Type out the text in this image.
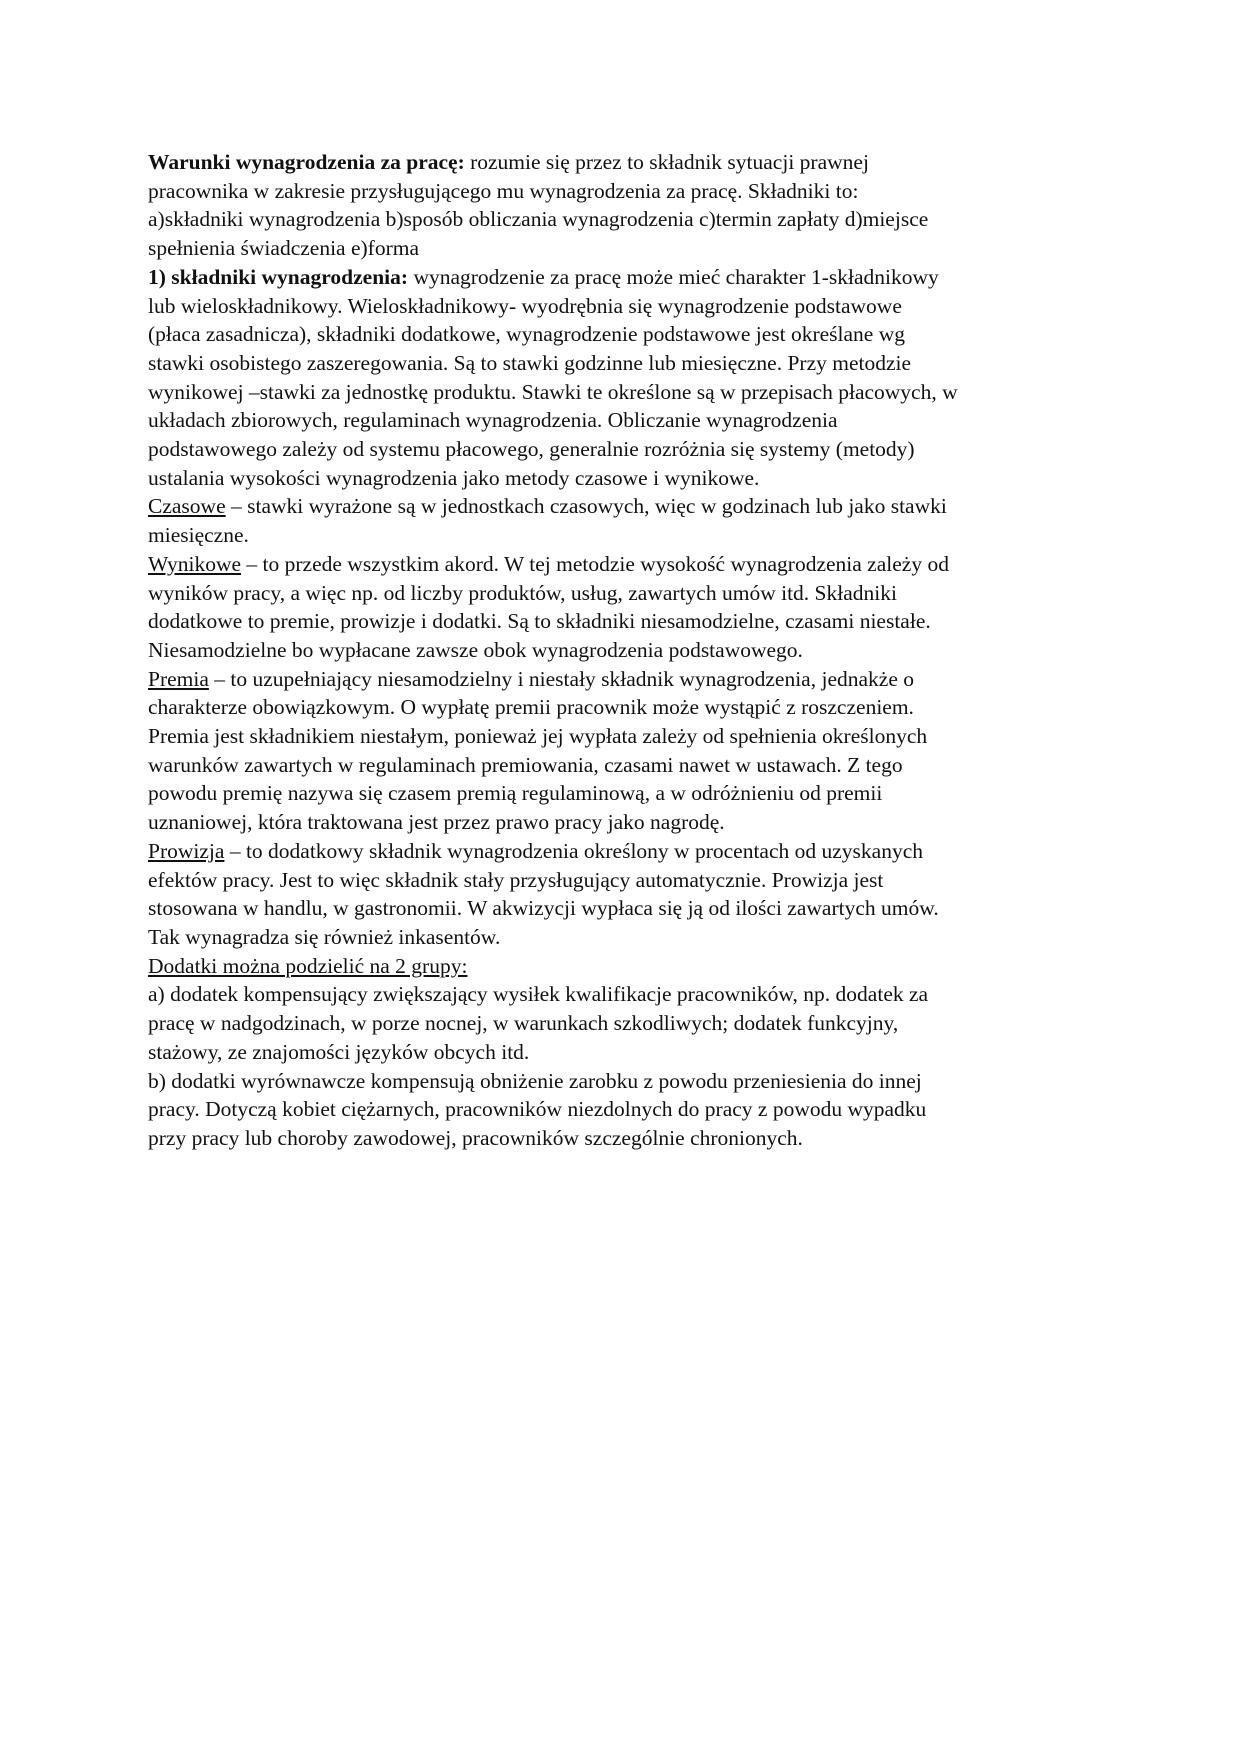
Warunki wynagrodzenia za pracę: rozumie się przez to składnik sytuacji prawnej
pracownika w zakresie przysługującego mu wynagrodzenia za pracę. Składniki to:
a)składniki wynagrodzenia b)sposób obliczania wynagrodzenia c)termin zapłaty d)miejsce
spełnienia świadczenia e)forma
1) składniki wynagrodzenia: wynagrodzenie za pracę może mieć charakter 1-składnikowy
lub wieloskładnikowy. Wieloskładnikowy- wyodrębnia się wynagrodzenie podstawowe
(płaca zasadnicza), składniki dodatkowe, wynagrodzenie podstawowe jest określane wg
stawki osobistego zaszeregowania. Są to stawki godzinne lub miesięczne. Przy metodzie
wynikowej –stawki za jednostkę produktu. Stawki te określone są w przepisach płacowych, w
układach zbiorowych, regulaminach wynagrodzenia. Obliczanie wynagrodzenia
podstawowego zależy od systemu płacowego, generalnie rozróżnia się systemy (metody)
ustalania wysokości wynagrodzenia jako metody czasowe i wynikowe.
Czasowe – stawki wyrażone są w jednostkach czasowych, więc w godzinach lub jako stawki
miesięczne.
Wynikowe – to przede wszystkim akord. W tej metodzie wysokość wynagrodzenia zależy od
wyników pracy, a więc np. od liczby produktów, usług, zawartych umów itd. Składniki
dodatkowe to premie, prowizje i dodatki. Są to składniki niesamodzielne, czasami niestałe.
Niesamodzielne bo wypłacane zawsze obok wynagrodzenia podstawowego.
Premia – to uzupełniający niesamodzielny i niestały składnik wynagrodzenia, jednakże o
charakterze obowiązkowym. O wypłatę premii pracownik może wystąpić z roszczeniem.
Premia jest składnikiem niestałym, ponieważ jej wypłata zależy od spełnienia określonych
warunków zawartych w regulaminach premiowania, czasami nawet w ustawach. Z tego
powodu premię nazywa się czasem premią regulaminową, a w odróżnieniu od premii
uznaniowej, która traktowana jest przez prawo pracy jako nagrodę.
Prowizja – to dodatkowy składnik wynagrodzenia określony w procentach od uzyskanych
efektów pracy. Jest to więc składnik stały przysługujący automatycznie. Prowizja jest
stosowana w handlu, w gastronomii. W akwizycji wypłaca się ją od ilości zawartych umów.
Tak wynagradza się również inkasentów.
Dodatki można podzielić na 2 grupy:
a) dodatek kompensujący zwiększający wysiłek kwalifikacje pracowników, np. dodatek za
pracę w nadgodzinach, w porze nocnej, w warunkach szkodliwych; dodatek funkcyjny,
stażowy, ze znajomości języków obcych itd.
b) dodatki wyrównawcze kompensują obniżenie zarobku z powodu przeniesienia do innej
pracy. Dotyczą kobiet ciężarnych, pracowników niezdolnych do pracy z powodu wypadku
przy pracy lub choroby zawodowej, pracowników szczególnie chronionych.
